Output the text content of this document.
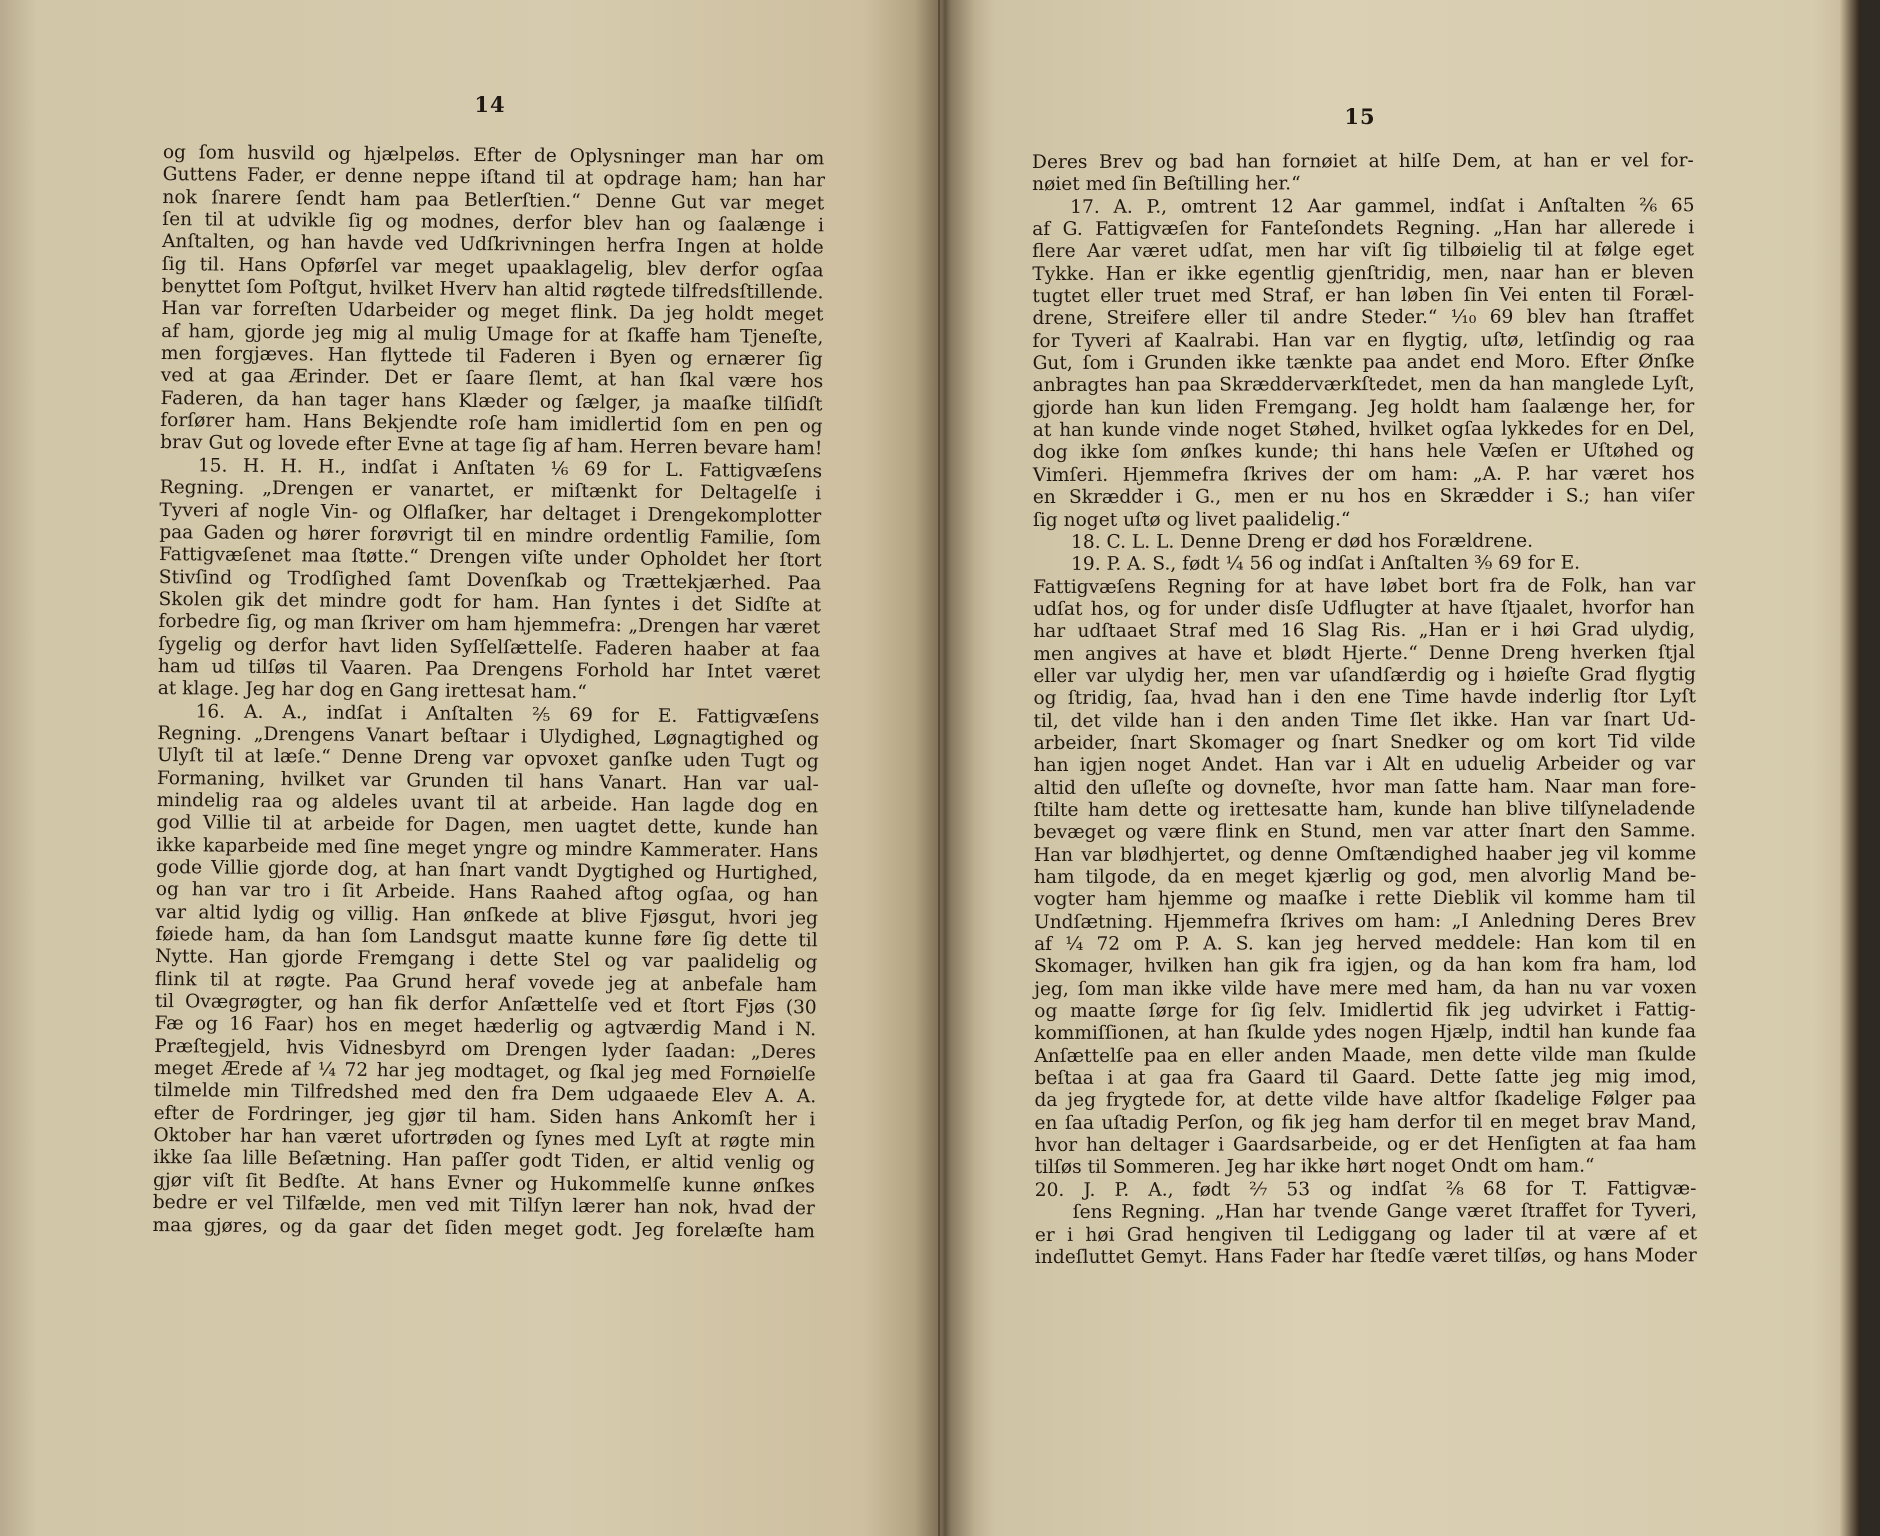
14
og ſom husvild og hjælpeløs. Efter de Oplysninger man har om
Guttens Fader, er denne neppe iſtand til at opdrage ham; han har
nok ſnarere ſendt ham paa Betlerſtien.“ Denne Gut var meget
ſen til at udvikle ſig og modnes, derfor blev han og ſaalænge i
Anſtalten, og han havde ved Udſkrivningen herfra Ingen at holde
ſig til. Hans Opførſel var meget upaaklagelig, blev derfor ogſaa
benyttet ſom Poſtgut, hvilket Hverv han altid røgtede tilfredsſtillende.
Han var forreſten Udarbeider og meget flink. Da jeg holdt meget
af ham, gjorde jeg mig al mulig Umage for at ſkaffe ham Tjeneſte,
men forgjæves. Han flyttede til Faderen i Byen og ernærer ſig
ved at gaa Ærinder. Det er ſaare ſlemt, at han ſkal være hos
Faderen, da han tager hans Klæder og ſælger, ja maaſke tilſidſt
forſører ham. Hans Bekjendte roſe ham imidlertid ſom en pen og
brav Gut og lovede efter Evne at tage ſig af ham. Herren bevare ham!
15. H. H. H., indſat i Anſtaten ⅙ 69 for L. Fattigvæſens
Regning. „Drengen er vanartet, er miſtænkt for Deltagelſe i
Tyveri af nogle Vin- og Olflaſker, har deltaget i Drengekomplotter
paa Gaden og hører forøvrigt til en mindre ordentlig Familie, ſom
Fattigvæſenet maa ſtøtte.“ Drengen viſte under Opholdet her ſtort
Stivſind og Trodſighed ſamt Dovenſkab og Trættekjærhed. Paa
Skolen gik det mindre godt for ham. Han ſyntes i det Sidſte at
forbedre ſig, og man ſkriver om ham hjemmefra: „Drengen har været
ſygelig og derfor havt liden Syſſelſættelſe. Faderen haaber at faa
ham ud tilſøs til Vaaren. Paa Drengens Forhold har Intet været
at klage. Jeg har dog en Gang irettesat ham.“
16. A. A., indſat i Anſtalten ²⁄₅ 69 for E. Fattigvæſens
Regning. „Drengens Vanart beſtaar i Ulydighed, Løgnagtighed og
Ulyſt til at læſe.“ Denne Dreng var opvoxet ganſke uden Tugt og
Formaning, hvilket var Grunden til hans Vanart. Han var ual-
mindelig raa og aldeles uvant til at arbeide. Han lagde dog en
god Villie til at arbeide for Dagen, men uagtet dette, kunde han
ikke kaparbeide med ſine meget yngre og mindre Kammerater. Hans
gode Villie gjorde dog, at han ſnart vandt Dygtighed og Hurtighed,
og han var tro i ſit Arbeide. Hans Raahed aftog ogſaa, og han
var altid lydig og villig. Han ønſkede at blive Fjøsgut, hvori jeg
føiede ham, da han ſom Landsgut maatte kunne føre ſig dette til
Nytte. Han gjorde Fremgang i dette Stel og var paalidelig og
flink til at røgte. Paa Grund heraf vovede jeg at anbefale ham
til Ovægrøgter, og han fik derfor Anſættelſe ved et ſtort Fjøs (30
Fæ og 16 Faar) hos en meget hæderlig og agtværdig Mand i N.
Præſtegjeld, hvis Vidnesbyrd om Drengen lyder ſaadan: „Deres
meget Ærede af ¼ 72 har jeg modtaget, og ſkal jeg med Fornøielſe
tilmelde min Tilfredshed med den fra Dem udgaaede Elev A. A.
efter de Fordringer, jeg gjør til ham. Siden hans Ankomſt her i
Oktober har han været ufortrøden og ſynes med Lyſt at røgte min
ikke ſaa lille Beſætning. Han paſſer godt Tiden, er altid venlig og
gjør viſt ſit Bedſte. At hans Evner og Hukommelſe kunne ønſkes
bedre er vel Tilfælde, men ved mit Tilſyn lærer han nok, hvad der
maa gjøres, og da gaar det ſiden meget godt. Jeg forelæſte ham
15
Deres Brev og bad han fornøiet at hilſe Dem, at han er vel for-
nøiet med ſin Beſtilling her.“
17. A. P., omtrent 12 Aar gammel, indſat i Anſtalten ²⁄₆ 65
af G. Fattigvæſen for Fanteſondets Regning. „Han har allerede i
flere Aar været udſat, men har viſt ſig tilbøielig til at følge eget
Tykke. Han er ikke egentlig gjenſtridig, men, naar han er bleven
tugtet eller truet med Straf, er han løben ſin Vei enten til Foræl-
drene, Streifere eller til andre Steder.“ ¹⁄₁₀ 69 blev han ſtraffet
for Tyveri af Kaalrabi. Han var en flygtig, uſtø, letſindig og raa
Gut, ſom i Grunden ikke tænkte paa andet end Moro. Efter Ønſke
anbragtes han paa Skrædderværkſtedet, men da han manglede Lyſt,
gjorde han kun liden Fremgang. Jeg holdt ham ſaalænge her, for
at han kunde vinde noget Støhed, hvilket ogſaa lykkedes for en Del,
dog ikke ſom ønſkes kunde; thi hans hele Væſen er Uſtøhed og
Vimſeri. Hjemmefra ſkrives der om ham: „A. P. har været hos
en Skrædder i G., men er nu hos en Skrædder i S.; han viſer
ſig noget uſtø og livet paalidelig.“
18. C. L. L. Denne Dreng er død hos Forældrene.
19. P. A. S., født ¼ 56 og indſat i Anſtalten ³⁄₉ 69 for E.
Fattigvæſens Regning for at have løbet bort fra de Folk, han var
udſat hos, og for under disſe Udflugter at have ſtjaalet, hvorfor han
har udſtaaet Straf med 16 Slag Ris. „Han er i høi Grad ulydig,
men angives at have et blødt Hjerte.“ Denne Dreng hverken ſtjal
eller var ulydig her, men var uſandſærdig og i høieſte Grad flygtig
og ſtridig, ſaa, hvad han i den ene Time havde inderlig ſtor Lyſt
til, det vilde han i den anden Time ſlet ikke. Han var ſnart Ud-
arbeider, ſnart Skomager og ſnart Snedker og om kort Tid vilde
han igjen noget Andet. Han var i Alt en uduelig Arbeider og var
altid den uſleſte og dovneſte, hvor man ſatte ham. Naar man fore-
ſtilte ham dette og irettesatte ham, kunde han blive tilſyneladende
bevæget og være flink en Stund, men var atter ſnart den Samme.
Han var blødhjertet, og denne Omſtændighed haaber jeg vil komme
ham tilgode, da en meget kjærlig og god, men alvorlig Mand be-
vogter ham hjemme og maaſke i rette Dieblik vil komme ham til
Undſætning. Hjemmefra ſkrives om ham: „I Anledning Deres Brev
af ¼ 72 om P. A. S. kan jeg herved meddele: Han kom til en
Skomager, hvilken han gik fra igjen, og da han kom fra ham, lod
jeg, ſom man ikke vilde have mere med ham, da han nu var voxen
og maatte ſørge for ſig ſelv. Imidlertid fik jeg udvirket i Fattig-
kommiſſionen, at han ſkulde ydes nogen Hjælp, indtil han kunde faa
Anſættelſe paa en eller anden Maade, men dette vilde man ſkulde
beſtaa i at gaa fra Gaard til Gaard. Dette ſatte jeg mig imod,
da jeg frygtede for, at dette vilde have altfor ſkadelige Følger paa
en ſaa uſtadig Perſon, og fik jeg ham derfor til en meget brav Mand,
hvor han deltager i Gaardsarbeide, og er det Henſigten at faa ham
tilſøs til Sommeren. Jeg har ikke hørt noget Ondt om ham.“
20. J. P. A., født ²⁄₇ 53 og indſat ²⁄₈ 68 for T. Fattigvæ-
ſens Regning. „Han har tvende Gange været ſtraffet for Tyveri,
er i høi Grad hengiven til Lediggang og lader til at være af et
indeſluttet Gemyt. Hans Fader har ſtedſe været tilſøs, og hans Moder
